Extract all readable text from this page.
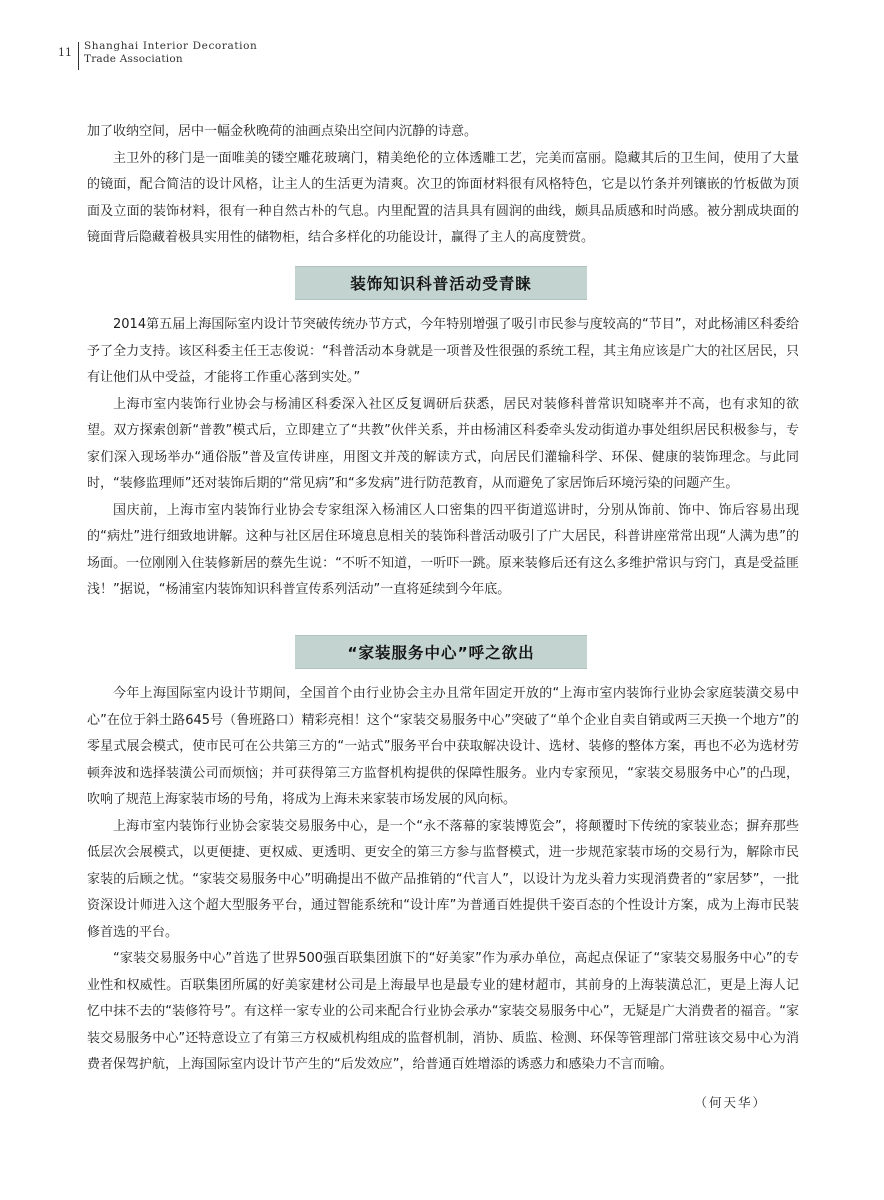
11 Shanghai Interior Decoration
Trade Association

加了收纳空间，居中一幅金秋晚荷的油画点染出空间内沉静的诗意。

主卫外的移门是一面唯美的镂空雕花玻璃门，精美绝伦的立体透雕工艺，完美而富丽。隐藏其后的卫生间，使用了大量的镜面，配合简洁的设计风格，让主人的生活更为清爽。次卫的饰面材料很有风格特色，它是以竹条并列镶嵌的竹板做为顶面及立面的装饰材料，很有一种自然古朴的气息。内里配置的洁具具有圆润的曲线，颇具品质感和时尚感。被分割成块面的镜面背后隐藏着极具实用性的储物柜，结合多样化的功能设计，赢得了主人的高度赞赏。

装饰知识科普活动受青睐

2014第五届上海国际室内设计节突破传统办节方式，今年特别增强了吸引市民参与度较高的“节目”，对此杨浦区科委给予了全力支持。该区科委主任王志俊说：“科普活动本身就是一项普及性很强的系统工程，其主角应该是广大的社区居民，只有让他们从中受益，才能将工作重心落到实处。”

上海市室内装饰行业协会与杨浦区科委深入社区反复调研后获悉，居民对装修科普常识知晓率并不高，也有求知的欲望。双方探索创新“普教”模式后，立即建立了“共教”伙伴关系，并由杨浦区科委牵头发动街道办事处组织居民积极参与，专家们深入现场举办“通俗版”普及宣传讲座，用图文并茂的解读方式，向居民们灌输科学、环保、健康的装饰理念。与此同时，“装修监理师”还对装饰后期的“常见病”和“多发病”进行防范教育，从而避免了家居饰后环境污染的问题产生。

国庆前，上海市室内装饰行业协会专家组深入杨浦区人口密集的四平街道巡讲时，分别从饰前、饰中、饰后容易出现的“病灶”进行细致地讲解。这种与社区居住环境息息相关的装饰科普活动吸引了广大居民，科普讲座常常出现“人满为患”的场面。一位刚刚入住装修新居的蔡先生说：“不听不知道，一听吓一跳。原来装修后还有这么多维护常识与窍门，真是受益匪浅！”据说，“杨浦室内装饰知识科普宣传系列活动”一直将延续到今年底。

“家装服务中心”呼之欲出

今年上海国际室内设计节期间，全国首个由行业协会主办且常年固定开放的“上海市室内装饰行业协会家庭装潢交易中心”在位于斜土路645号（鲁班路口）精彩亮相！这个“家装交易服务中心”突破了“单个企业自卖自销或两三天换一个地方”的零星式展会模式，使市民可在公共第三方的“一站式”服务平台中获取解决设计、选材、装修的整体方案，再也不必为选材劳顿奔波和选择装潢公司而烦恼；并可获得第三方监督机构提供的保障性服务。业内专家预见，“家装交易服务中心”的凸现，吹响了规范上海家装市场的号角，将成为上海未来家装市场发展的风向标。

上海市室内装饰行业协会家装交易服务中心，是一个“永不落幕的家装博览会”，将颠覆时下传统的家装业态；摒弃那些低层次会展模式，以更便捷、更权威、更透明、更安全的第三方参与监督模式，进一步规范家装市场的交易行为，解除市民家装的后顾之忧。“家装交易服务中心”明确提出不做产品推销的“代言人”，以设计为龙头着力实现消费者的“家居梦”，一批资深设计师进入这个超大型服务平台，通过智能系统和“设计库”为普通百姓提供千姿百态的个性设计方案，成为上海市民装修首选的平台。

“家装交易服务中心”首选了世界500强百联集团旗下的“好美家”作为承办单位，高起点保证了“家装交易服务中心”的专业性和权威性。百联集团所属的好美家建材公司是上海最早也是最专业的建材超市，其前身的上海装潢总汇，更是上海人记忆中抹不去的“装修符号”。有这样一家专业的公司来配合行业协会承办“家装交易服务中心”，无疑是广大消费者的福音。“家装交易服务中心”还特意设立了有第三方权威机构组成的监督机制，消协、质监、检测、环保等管理部门常驻该交易中心为消费者保驾护航，上海国际室内设计节产生的“后发效应”，给普通百姓增添的诱惑力和感染力不言而喻。

（何天华）
